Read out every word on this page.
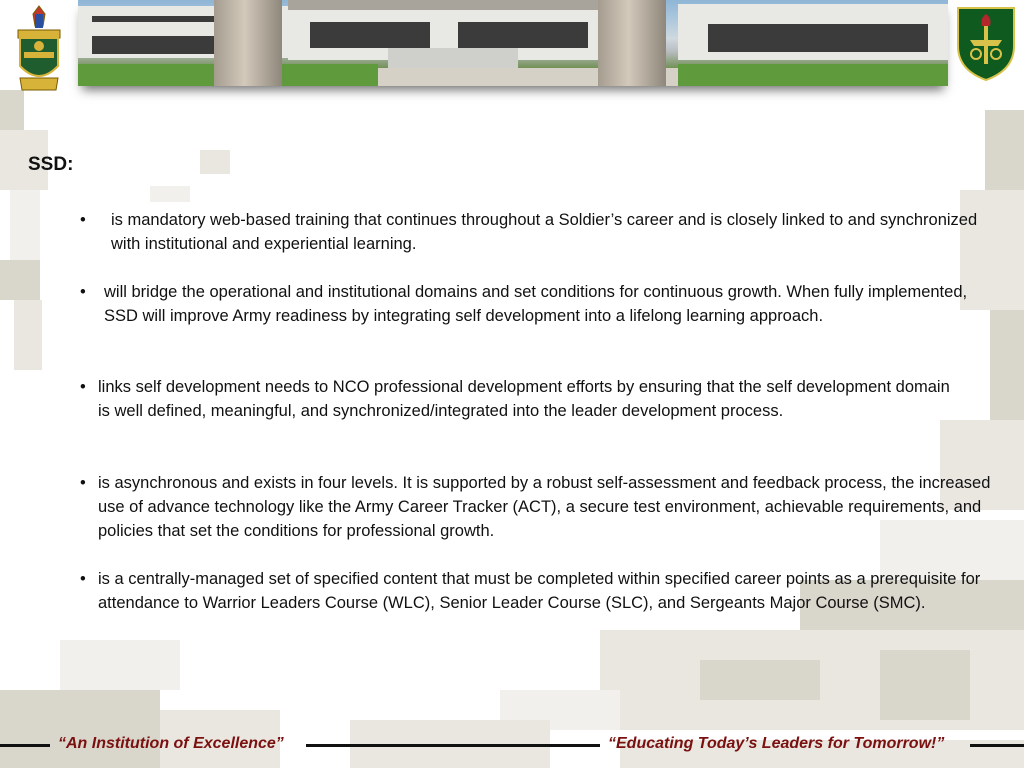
SSD:
•	is mandatory web-based training that continues throughout a Soldier’s career and is closely linked to and synchronized with institutional and experiential learning.
•	will bridge the operational and institutional domains and set conditions for continuous growth. When fully implemented, SSD will improve Army readiness by integrating self development into a lifelong learning approach.
• links self development needs to NCO professional development efforts by ensuring that the self development domain is well defined, meaningful, and synchronized/integrated into the leader development process.
• is asynchronous and exists in four levels. It is supported by a robust self-assessment and feedback process, the increased use of advance technology like the Army Career Tracker (ACT), a secure test environment, achievable requirements, and policies that set the conditions for professional growth.
• is a centrally-managed set of specified content that must be completed within specified career points as a prerequisite for attendance to Warrior Leaders Course (WLC), Senior Leader Course (SLC), and Sergeants Major Course (SMC).
“An Institution of Excellence”	“Educating Today’s Leaders for Tomorrow!”
